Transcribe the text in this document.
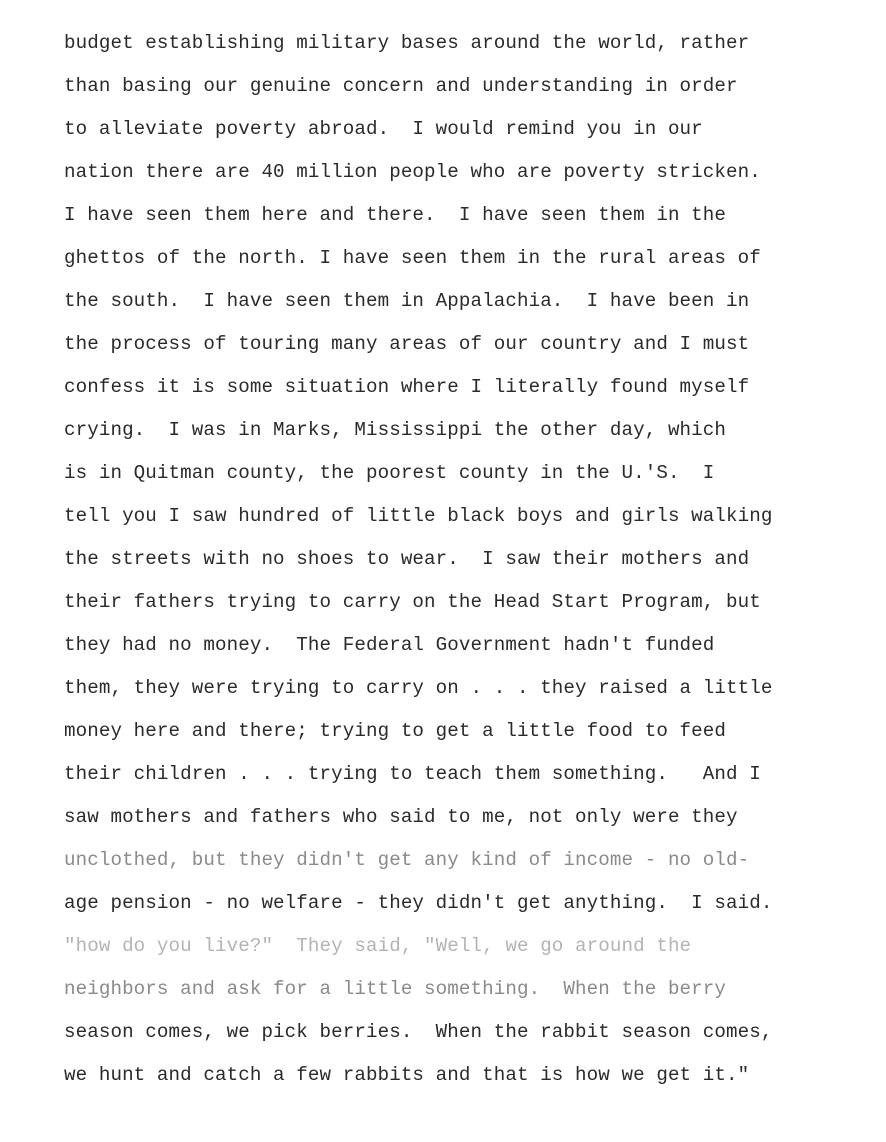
budget establishing military bases around the world, rather
than basing our genuine concern and understanding in order
to alleviate poverty abroad.  I would remind you in our
nation there are 40 million people who are poverty stricken.
I have seen them here and there.  I have seen them in the
ghettos of the north. I have seen them in the rural areas of
the south.  I have seen them in Appalachia.  I have been in
the process of touring many areas of our country and I must
confess it is some situation where I literally found myself
crying.  I was in Marks, Mississippi the other day, which
is in Quitman county, the poorest county in the U.'S.  I
tell you I saw hundred of little black boys and girls walking
the streets with no shoes to wear.  I saw their mothers and
their fathers trying to carry on the Head Start Program, but
they had no money.  The Federal Government hadn't funded
them, they were trying to carry on . . . they raised a little
money here and there; trying to get a little food to feed
their children . . . trying to teach them something.   And I
saw mothers and fathers who said to me, not only were they
unclothed, but they didn't get any kind of income - no old-
age pension - no welfare - they didn't get anything.  I said.
"how do you live?"  They said, "Well, we go around the
neighbors and ask for a little something.  When the berry
season comes, we pick berries.  When the rabbit season comes,
we hunt and catch a few rabbits and that is how we get it."
